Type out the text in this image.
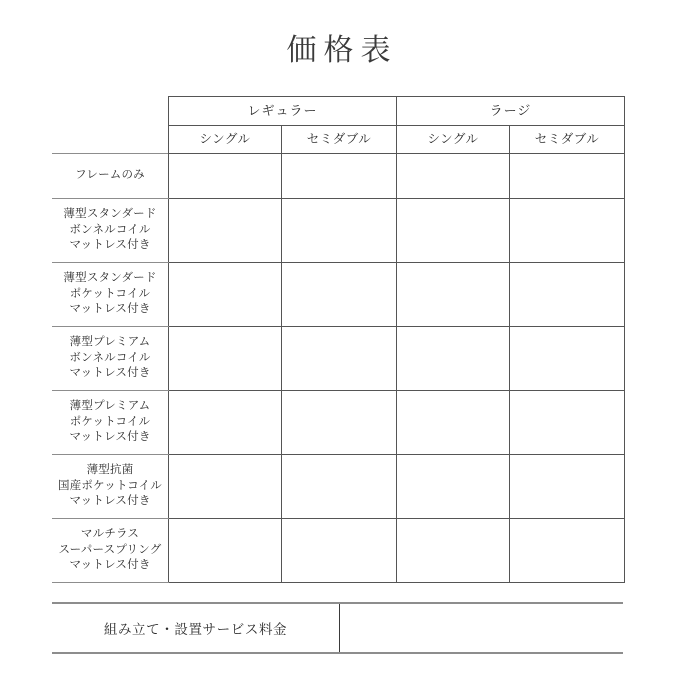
価格表
	レギュラー		ラージ	
	シングル	セミダブル	シングル	セミダブル

フレームのみ				

薄型スタンダード
ボンネルコイル
マットレス付き				

薄型スタンダード
ポケットコイル
マットレス付き				

薄型プレミアム
ボンネルコイル
マットレス付き				

薄型プレミアム
ポケットコイル
マットレス付き				

薄型抗菌
国産ポケットコイル
マットレス付き				

マルチラス
スーパースプリング
マットレス付き				

組み立て・設置サービス料金	
